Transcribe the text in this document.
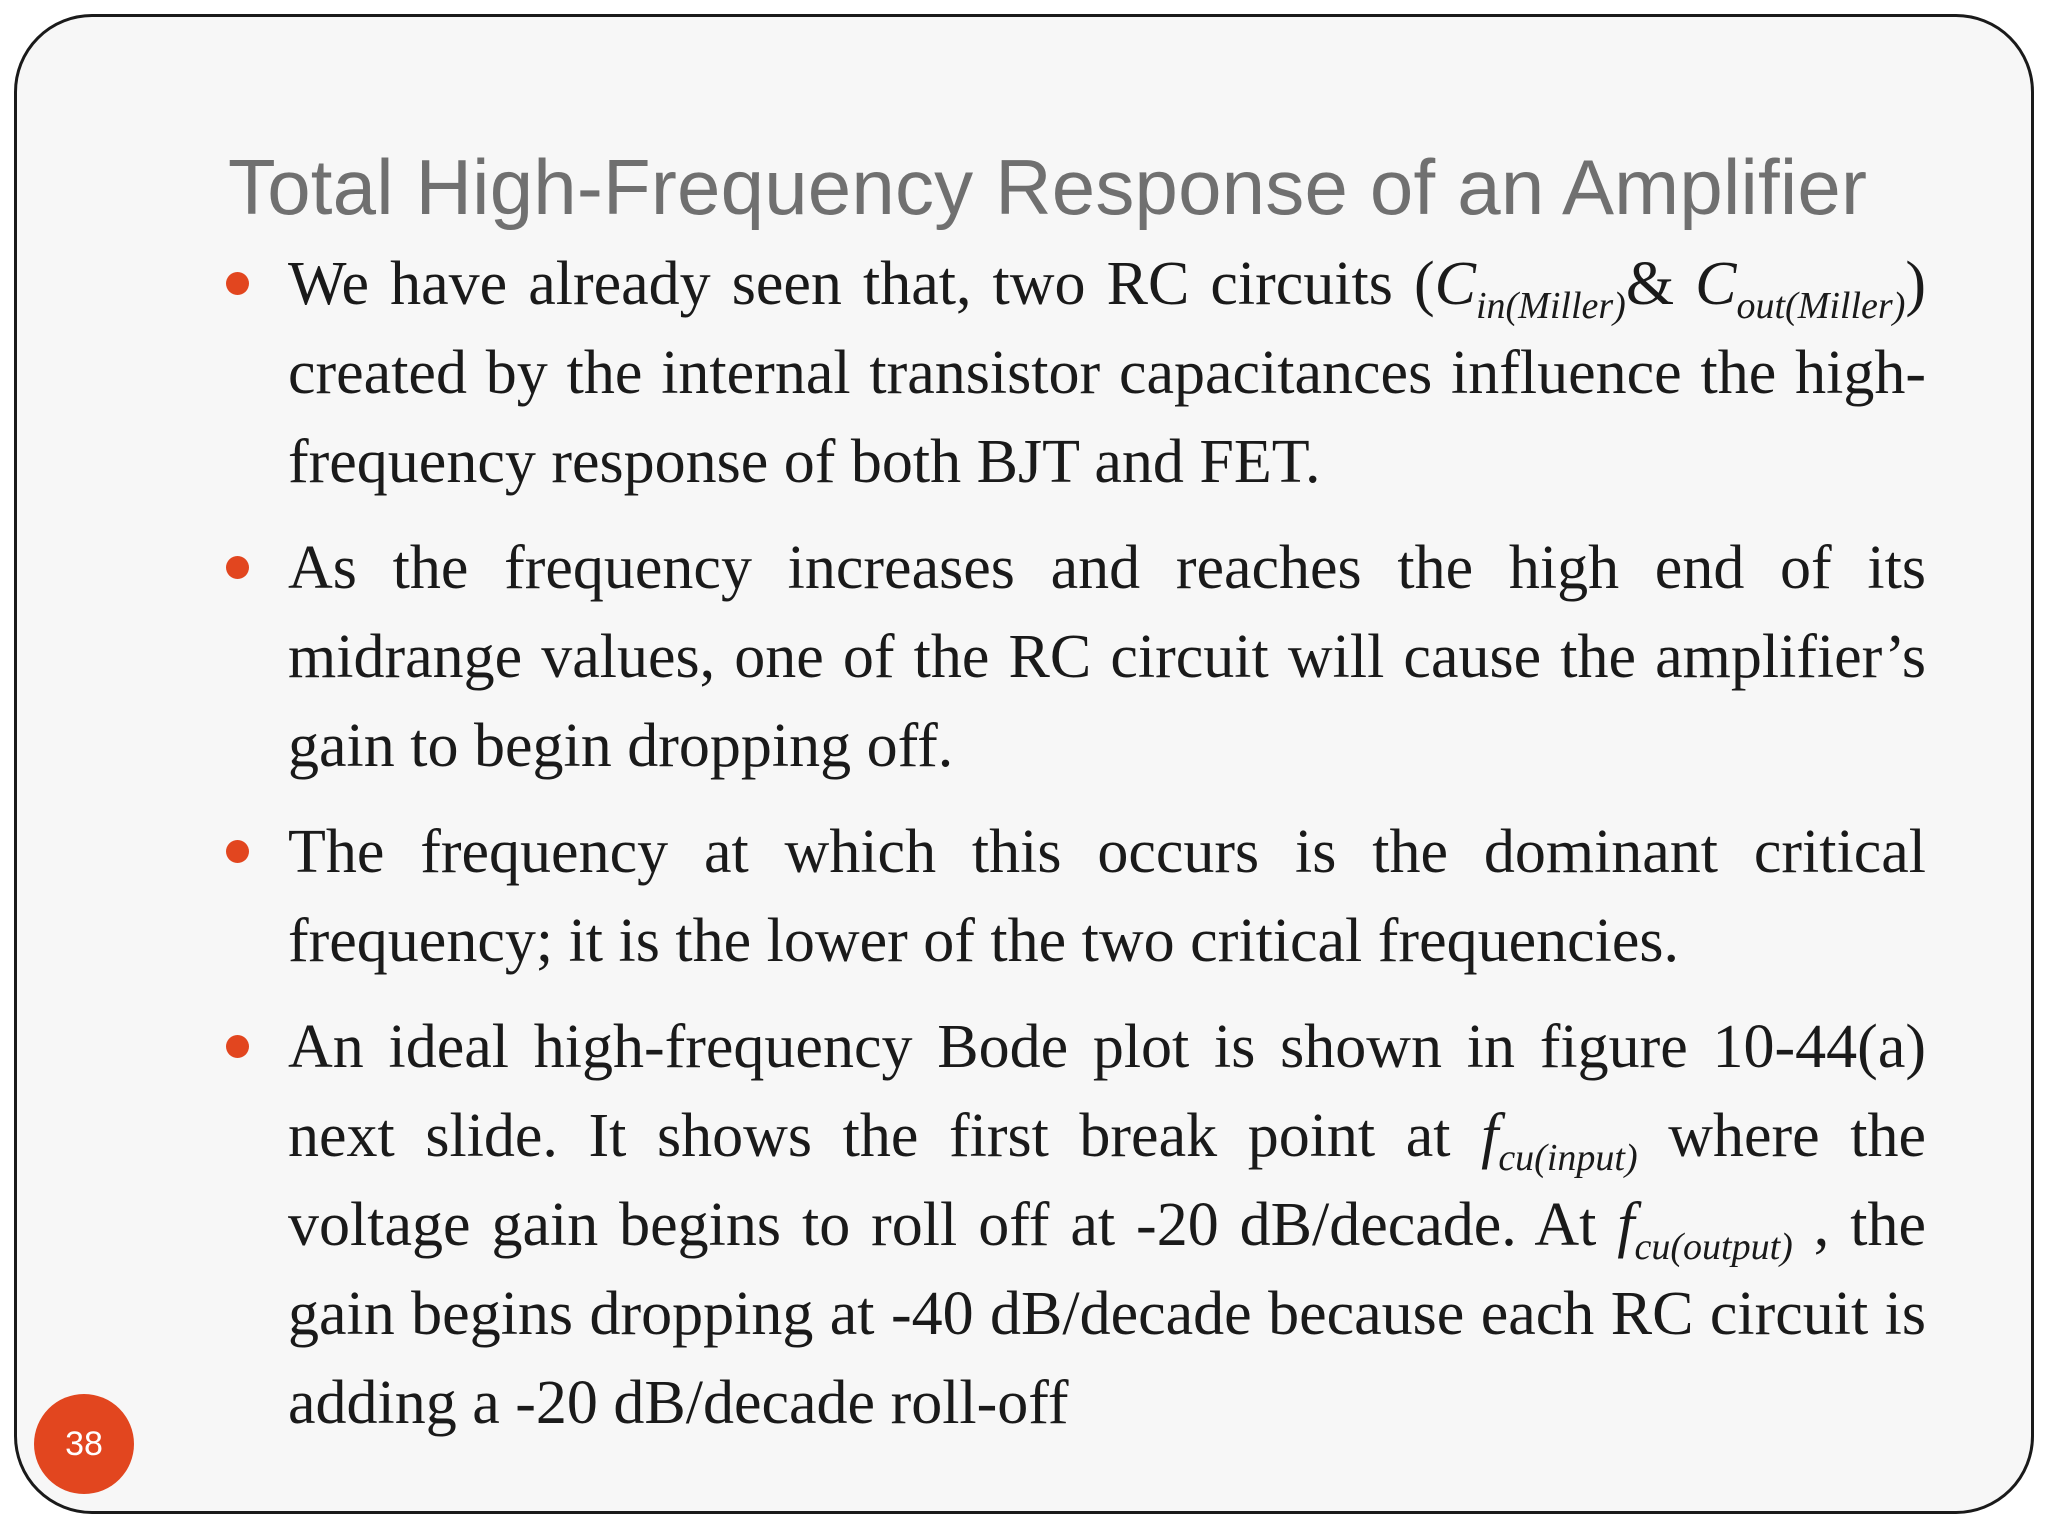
Total High-Frequency Response of an Amplifier
We have already seen that, two RC circuits ($C_{in(Miller)}\&$ $C_{out(Miller)}$) created by the internal transistor capacitances influence the high-frequency response of both BJT and FET.
As the frequency increases and reaches the high end of its midrange values, one of the RC circuit will cause the amplifier’s gain to begin dropping off.
The frequency at which this occurs is the dominant critical frequency; it is the lower of the two critical frequencies.
An ideal high-frequency Bode plot is shown in figure 10-44(a) next slide. It shows the first break point at $f_{cu(input)}$ where the voltage gain begins to roll off at -20 dB/decade. At $f_{cu(output)}$ , the gain begins dropping at -40 dB/decade because each RC circuit is adding a -20 dB/decade roll-off
38
